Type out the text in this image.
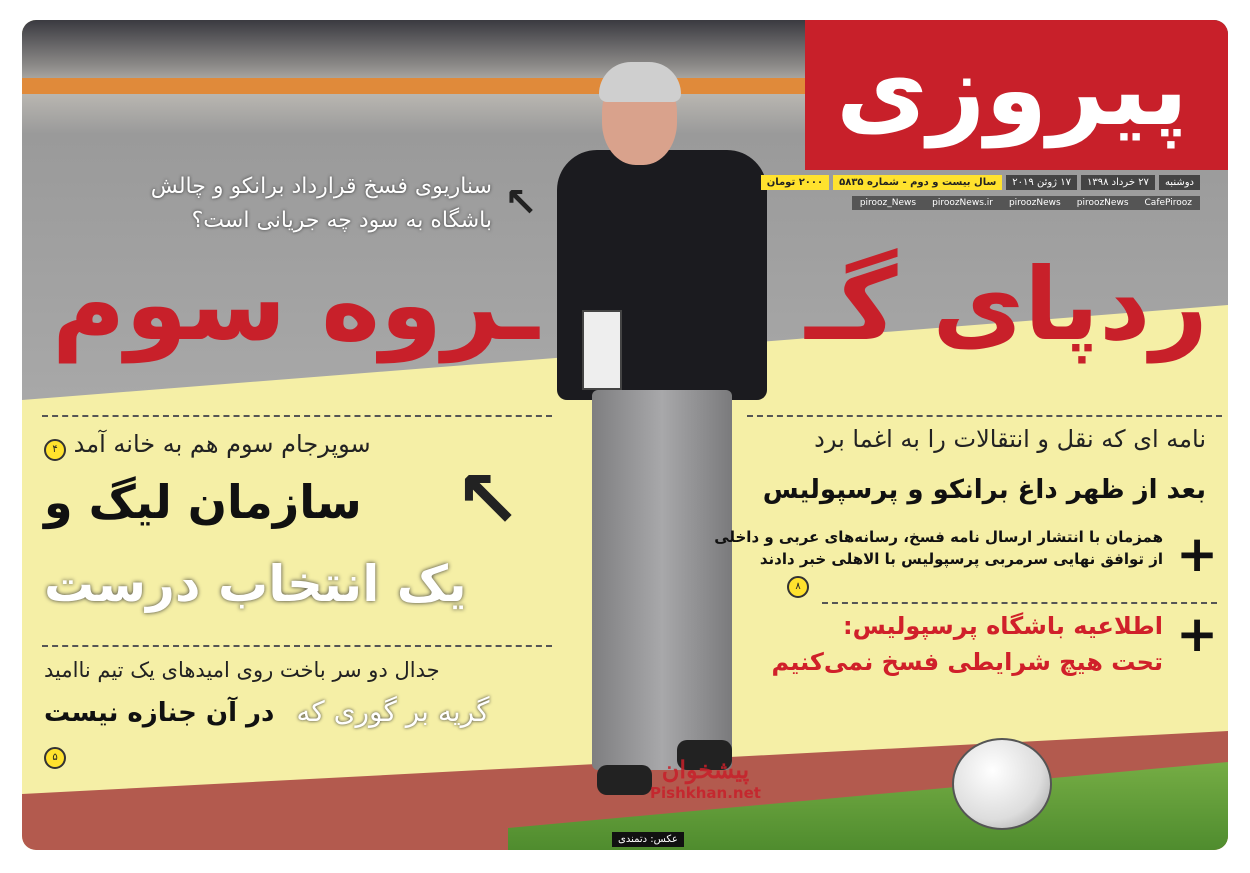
سناریوی فسخ قرارداد برانکو و چالش
باشگاه به سود چه جریانی است؟ ↖
ـروه سوم	ردپای گـ
پیروزی
دوشنبه
۲۷ خرداد ۱۳۹۸
۱۷ ژوئن ۲۰۱۹
سال بیست و دوم - شماره ۵۸۳۵
۲۰۰۰ تومان
pirooz_News piroozNews.ir piroozNews piroozNews CafePirooz
سوپرجام سوم هم به خانه آمد ۴
↖
سازمان لیگ و
یک انتخاب درست
جدال دو سر باخت روی امیدهای یک تیم ناامید
گریه بر گوری که
در آن جنازه نیست
۵
نامه ای که نقل و انتقالات را به اغما برد
بعد از ظهر داغ برانکو و پرسپولیس
+
همزمان با انتشار ارسال نامه فسخ، رسانه‌های عربی و داخلی
از توافق نهایی سرمربی پرسپولیس با الاهلی خبر دادند
۸
+
اطلاعیه باشگاه پرسپولیس:
تحت هیچ شرایطی فسخ نمی‌کنیم
عکس: دتمندی
پیشخوان
Pishkhan.net
